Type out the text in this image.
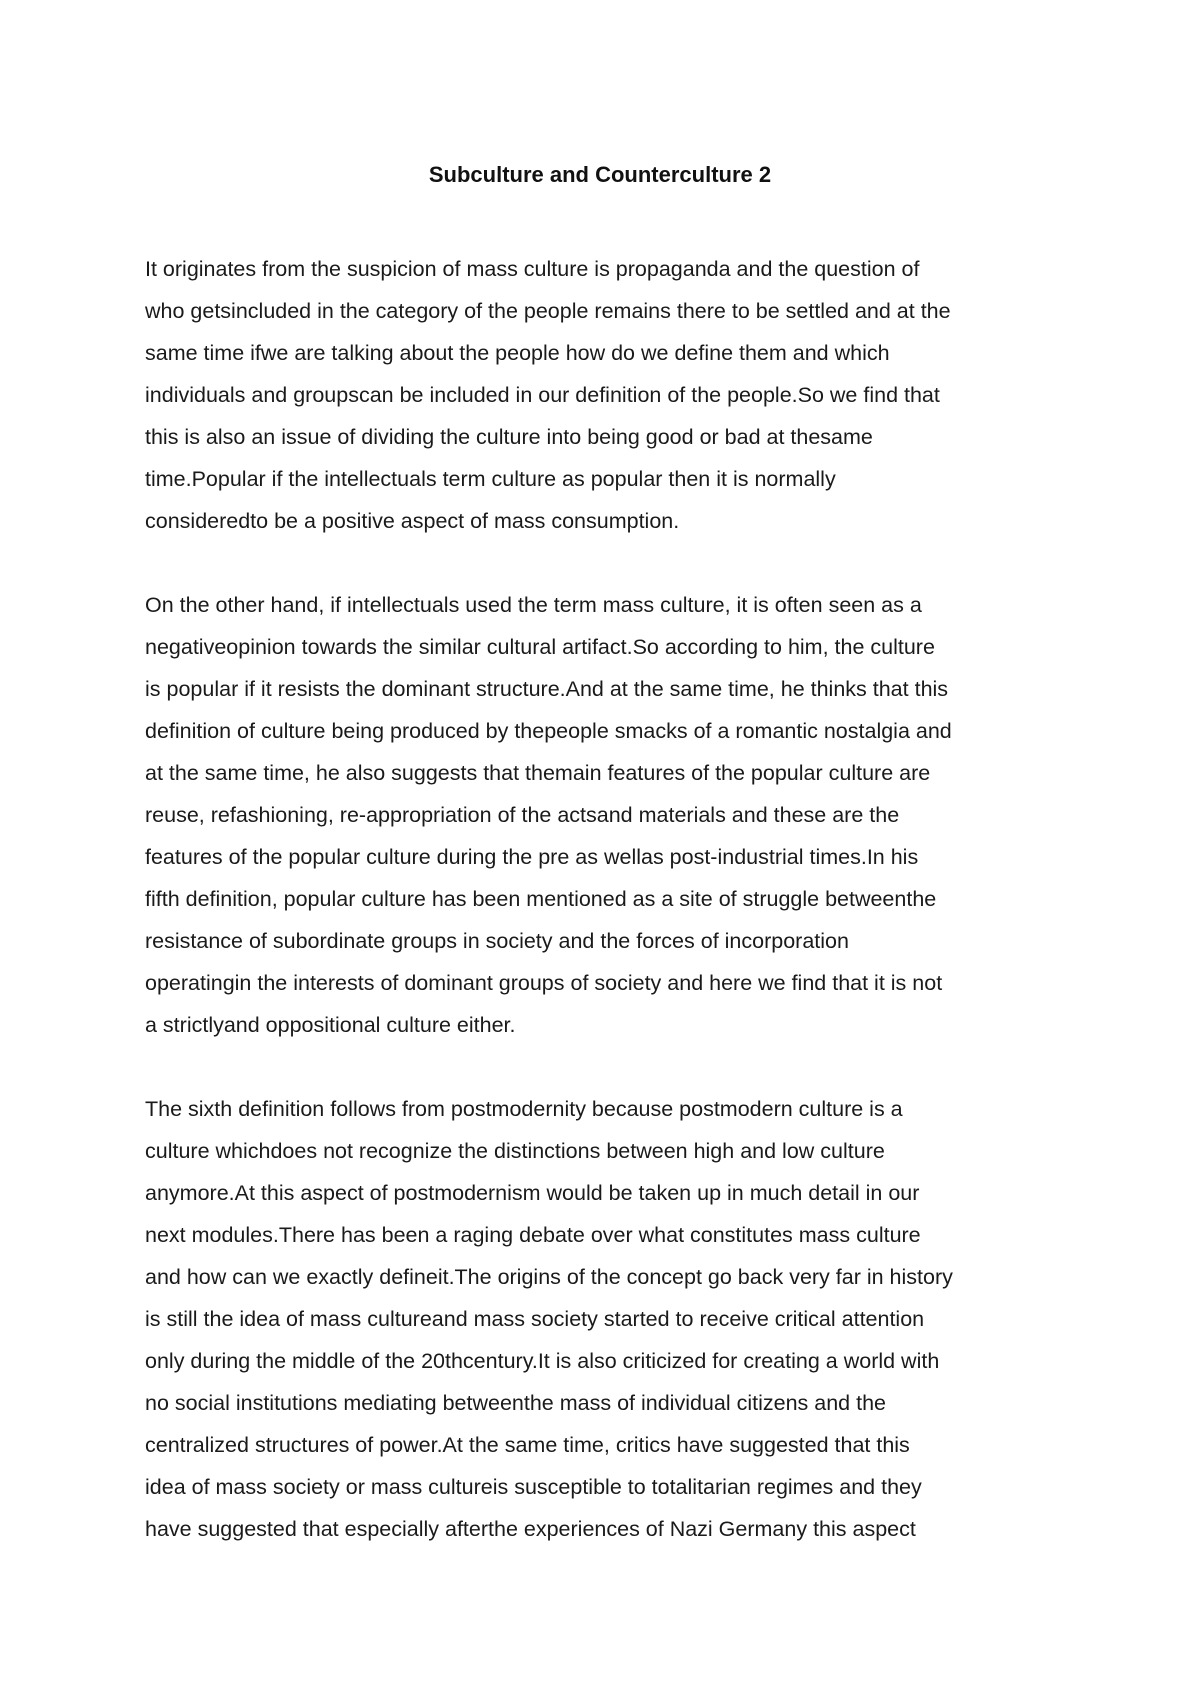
Subculture and Counterculture 2
It originates from the suspicion of mass culture is propaganda and the question of
who getsincluded in the category of the people remains there to be settled and at the
same time ifwe are talking about the people how do we define them and which
individuals and groupscan be included in our definition of the people.So we find that
this is also an issue of dividing the culture into being good or bad at thesame
time.Popular if the intellectuals term culture as popular then it is normally
consideredto be a positive aspect of mass consumption.
On the other hand, if intellectuals used the term mass culture, it is often seen as a
negativeopinion towards the similar cultural artifact.So according to him, the culture
is popular if it resists the dominant structure.And at the same time, he thinks that this
definition of culture being produced by thepeople smacks of a romantic nostalgia and
at the same time, he also suggests that themain features of the popular culture are
reuse, refashioning, re-appropriation of the actsand materials and these are the
features of the popular culture during the pre as wellas post-industrial times.In his
fifth definition, popular culture has been mentioned as a site of struggle betweenthe
resistance of subordinate groups in society and the forces of incorporation
operatingin the interests of dominant groups of society and here we find that it is not
a strictlyand oppositional culture either.
The sixth definition follows from postmodernity because postmodern culture is a
culture whichdoes not recognize the distinctions between high and low culture
anymore.At this aspect of postmodernism would be taken up in much detail in our
next modules.There has been a raging debate over what constitutes mass culture
and how can we exactly defineit.The origins of the concept go back very far in history
is still the idea of mass cultureand mass society started to receive critical attention
only during the middle of the 20thcentury.It is also criticized for creating a world with
no social institutions mediating betweenthe mass of individual citizens and the
centralized structures of power.At the same time, critics have suggested that this
idea of mass society or mass cultureis susceptible to totalitarian regimes and they
have suggested that especially afterthe experiences of Nazi Germany this aspect
